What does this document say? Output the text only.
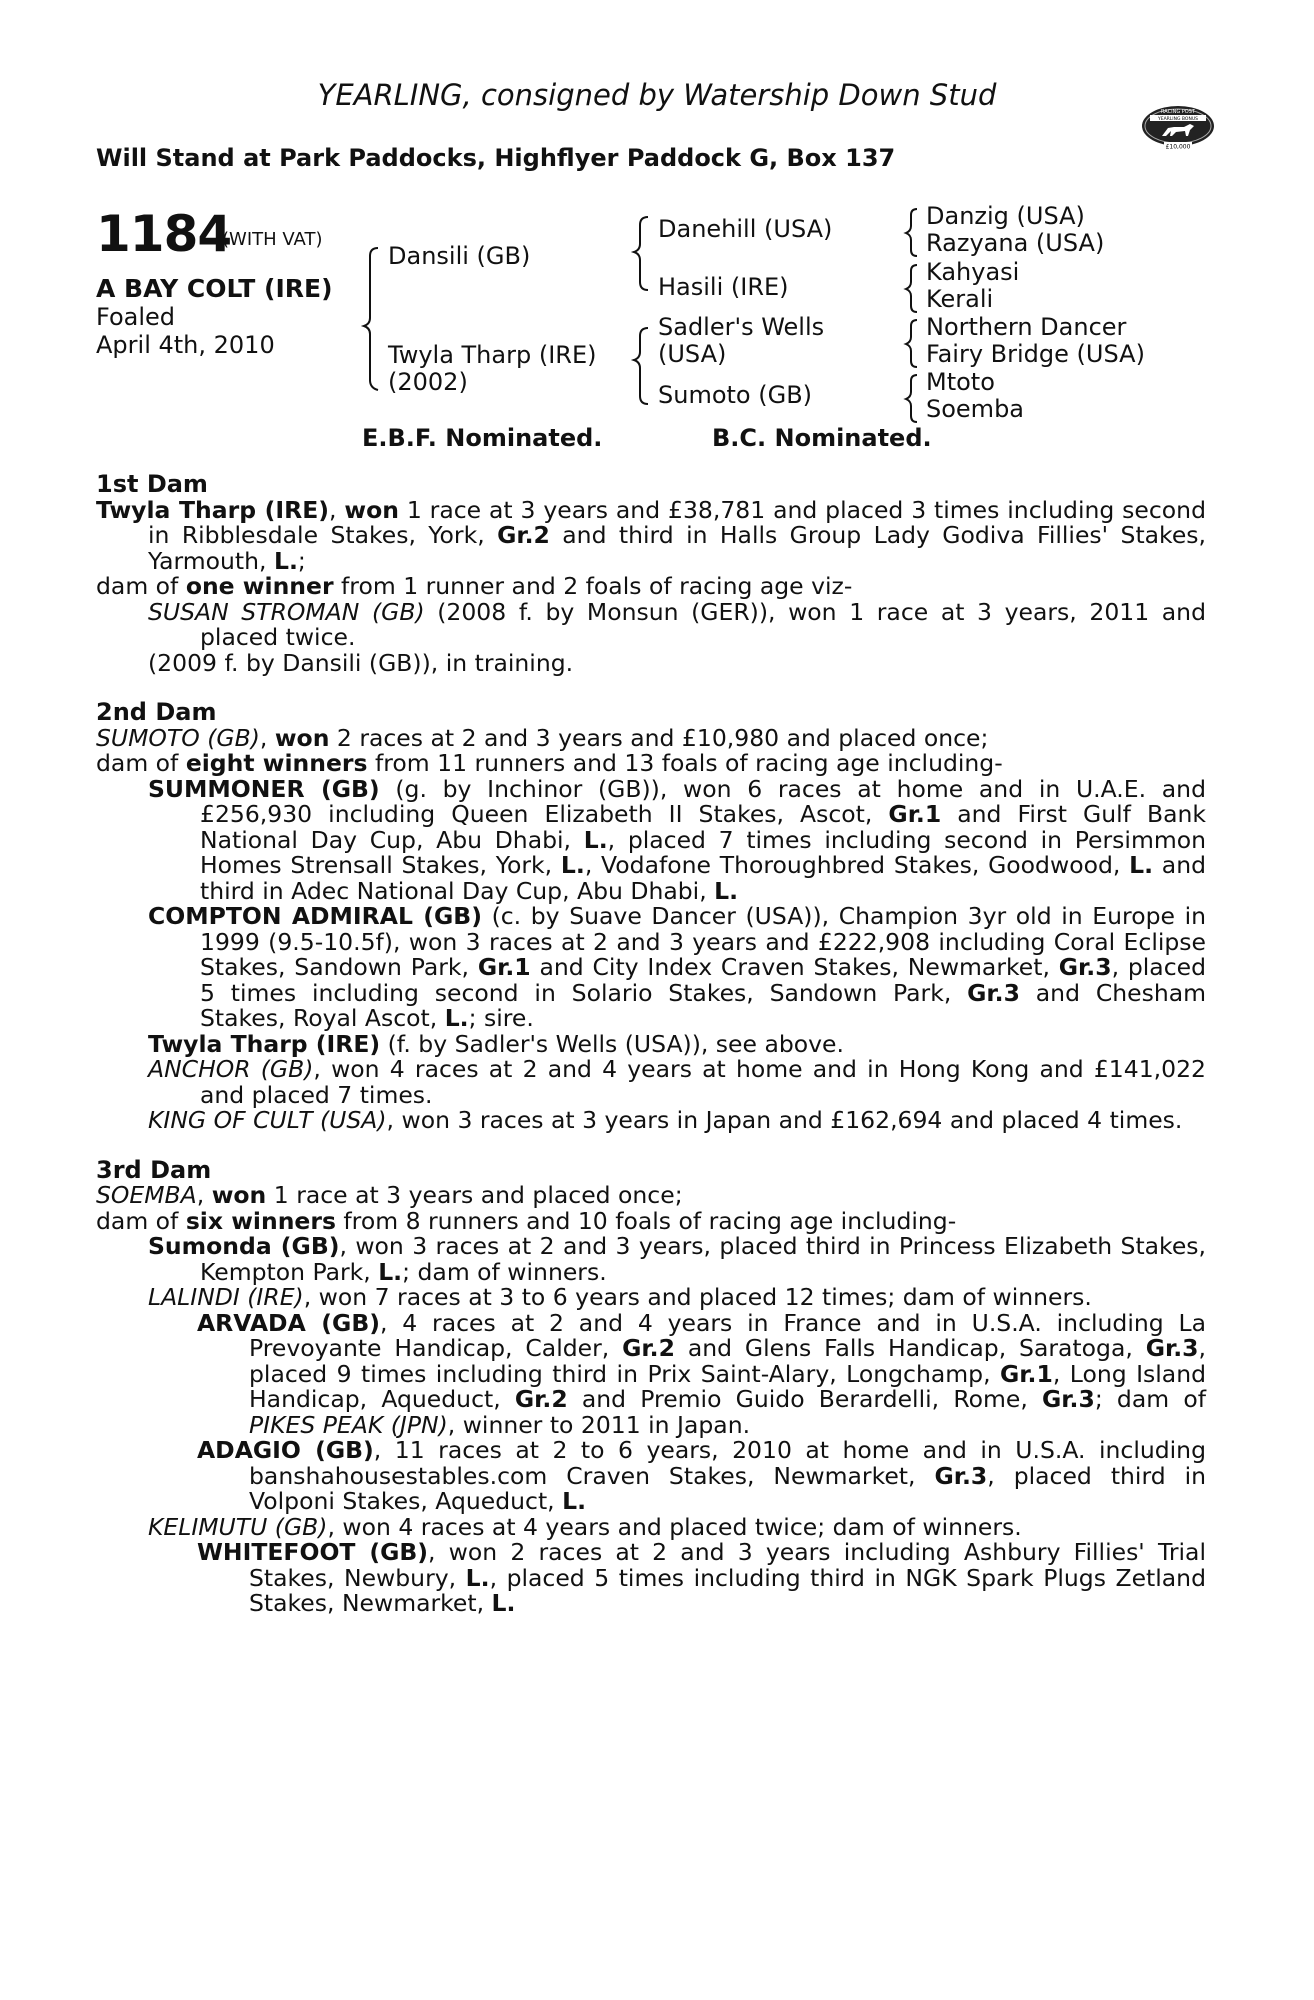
YEARLING, consigned by Watership Down Stud	RACING POST
YEARLING BONUS
£10,000
Will Stand at Park Paddocks, Highflyer Paddock G, Box 137
1184
(WITH VAT)
A BAY COLT (IRE)
Foaled
April 4th, 2010
Dansili (GB)
Twyla Tharp (IRE)
(2002)
Danehill (USA)
Hasili (IRE)
Sadler's Wells
(USA)
Sumoto (GB)
Danzig (USA)
Razyana (USA)
Kahyasi
Kerali
Northern Dancer
Fairy Bridge (USA)
Mtoto
Soemba
E.B.F. Nominated.	B.C. Nominated.

1st Dam

Twyla Tharp (IRE), won 1 race at 3 years and £38,781 and placed 3 times including second in Ribblesdale Stakes, York, Gr.2 and third in Halls Group Lady Godiva Fillies' Stakes, Yarmouth, L.;

dam of one winner from 1 runner and 2 foals of racing age viz-

SUSAN STROMAN (GB) (2008 f. by Monsun (GER)), won 1 race at 3 years, 2011 and placed twice.

(2009 f. by Dansili (GB)), in training.

2nd Dam

SUMOTO (GB), won 2 races at 2 and 3 years and £10,980 and placed once;

dam of eight winners from 11 runners and 13 foals of racing age including-

SUMMONER (GB) (g. by Inchinor (GB)), won 6 races at home and in U.A.E. and £256,930 including Queen Elizabeth II Stakes, Ascot, Gr.1 and First Gulf Bank National Day Cup, Abu Dhabi, L., placed 7 times including second in Persimmon Homes Strensall Stakes, York, L., Vodafone Thoroughbred Stakes, Goodwood, L. and third in Adec National Day Cup, Abu Dhabi, L.

COMPTON ADMIRAL (GB) (c. by Suave Dancer (USA)), Champion 3yr old in Europe in 1999 (9.5-10.5f), won 3 races at 2 and 3 years and £222,908 including Coral Eclipse Stakes, Sandown Park, Gr.1 and City Index Craven Stakes, Newmarket, Gr.3, placed 5 times including second in Solario Stakes, Sandown Park, Gr.3 and Chesham Stakes, Royal Ascot, L.; sire.

Twyla Tharp (IRE) (f. by Sadler's Wells (USA)), see above.

ANCHOR (GB), won 4 races at 2 and 4 years at home and in Hong Kong and £141,022 and placed 7 times.

KING OF CULT (USA), won 3 races at 3 years in Japan and £162,694 and placed 4 times.

3rd Dam

SOEMBA, won 1 race at 3 years and placed once;

dam of six winners from 8 runners and 10 foals of racing age including-

Sumonda (GB), won 3 races at 2 and 3 years, placed third in Princess Elizabeth Stakes, Kempton Park, L.; dam of winners.

LALINDI (IRE), won 7 races at 3 to 6 years and placed 12 times; dam of winners.

ARVADA (GB), 4 races at 2 and 4 years in France and in U.S.A. including La Prevoyante Handicap, Calder, Gr.2 and Glens Falls Handicap, Saratoga, Gr.3, placed 9 times including third in Prix Saint-Alary, Longchamp, Gr.1, Long Island Handicap, Aqueduct, Gr.2 and Premio Guido Berardelli, Rome, Gr.3; dam of PIKES PEAK (JPN), winner to 2011 in Japan.

ADAGIO (GB), 11 races at 2 to 6 years, 2010 at home and in U.S.A. including banshahousestables.com Craven Stakes, Newmarket, Gr.3, placed third in Volponi Stakes, Aqueduct, L.

KELIMUTU (GB), won 4 races at 4 years and placed twice; dam of winners.

WHITEFOOT (GB), won 2 races at 2 and 3 years including Ashbury Fillies' Trial Stakes, Newbury, L., placed 5 times including third in NGK Spark Plugs Zetland Stakes, Newmarket, L.
